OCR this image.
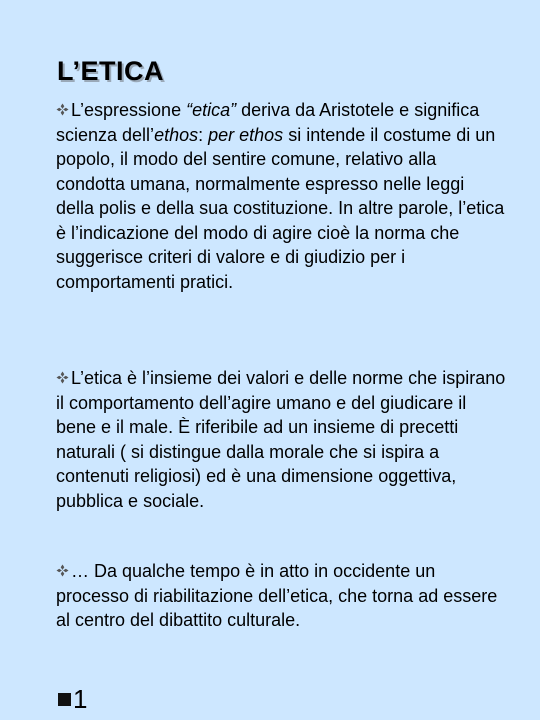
L’ETICA
L’espressione “etica” deriva da Aristotele e significa scienza dell’ethos: per ethos si intende il costume di un popolo, il modo del sentire comune, relativo alla condotta umana, normalmente espresso nelle leggi della polis e della sua costituzione. In altre parole, l’etica è l’indicazione del modo di agire cioè la norma che suggerisce criteri di valore e di giudizio per i comportamenti pratici.
L’etica è l’insieme dei valori e delle norme che ispirano il comportamento dell’agire umano e del giudicare il bene e il male. È riferibile ad un insieme di precetti naturali ( si distingue dalla morale che si ispira a contenuti religiosi) ed è una dimensione oggettiva, pubblica e sociale.
… Da qualche tempo è in atto in occidente un processo di riabilitazione dell’etica, che torna ad essere al centro del dibattito culturale.
1
